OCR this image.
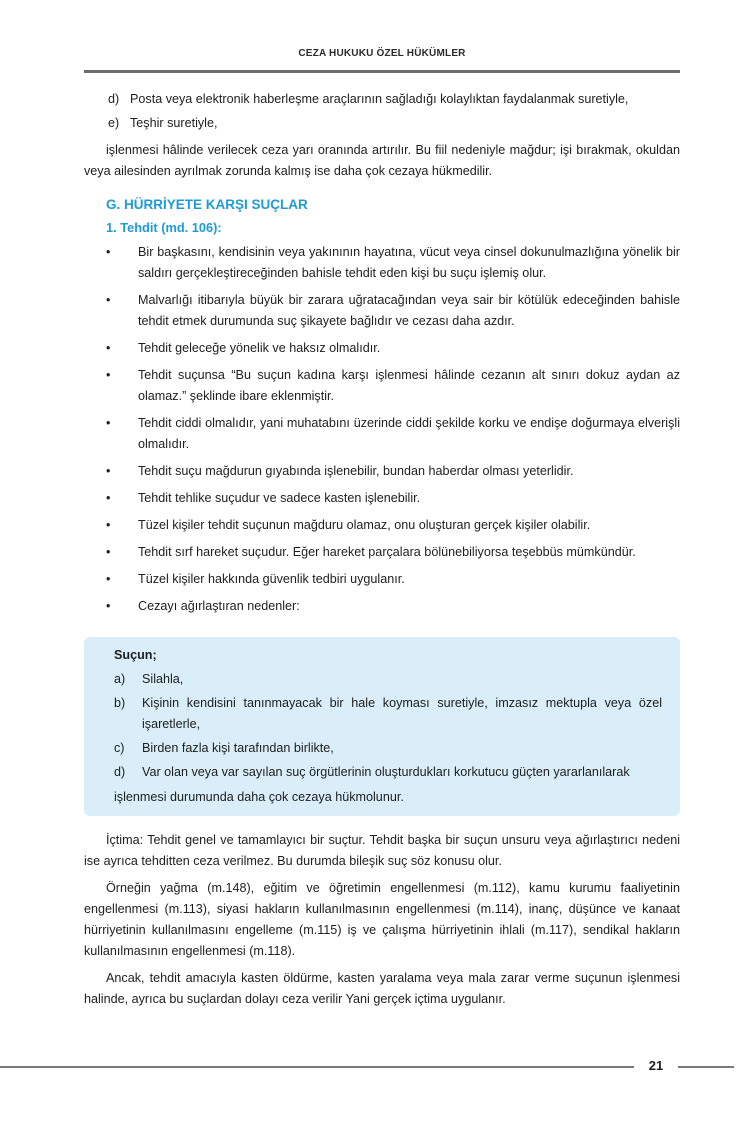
CEZA HUKUKU ÖZEL HÜKÜMLER
d) Posta veya elektronik haberleşme araçlarının sağladığı kolaylıktan faydalanmak suretiyle,
e) Teşhir suretiyle,

işlenmesi hâlinde verilecek ceza yarı oranında artırılır. Bu fiil nedeniyle mağdur; işi bırakmak, okuldan veya ailesinden ayrılmak zorunda kalmış ise daha çok cezaya hükmedilir.

G. HÜRRİYETE KARŞI SUÇLAR
1. Tehdit (md. 106):
•	Bir başkasını, kendisinin veya yakınının hayatına, vücut veya cinsel dokunulmazlığına yönelik bir saldırı gerçekleştireceğinden bahisle tehdit eden kişi bu suçu işlemiş olur.
•	Malvarlığı itibarıyla büyük bir zarara uğratacağından veya sair bir kötülük edeceğinden bahisle tehdit etmek durumunda suç şikayete bağlıdır ve cezası daha azdır.
•	Tehdit geleceğe yönelik ve haksız olmalıdır.
•	Tehdit suçunsa “Bu suçun kadına karşı işlenmesi hâlinde cezanın alt sınırı dokuz aydan az olamaz.” şeklinde ibare eklenmiştir.
•	Tehdit ciddi olmalıdır, yani muhatabını üzerinde ciddi şekilde korku ve endişe doğurmaya elverişli olmalıdır.
•	Tehdit suçu mağdurun gıyabında işlenebilir, bundan haberdar olması yeterlidir.
•	Tehdit tehlike suçudur ve sadece kasten işlenebilir.
•	Tüzel kişiler tehdit suçunun mağduru olamaz, onu oluşturan gerçek kişiler olabilir.
•	Tehdit sırf hareket suçudur. Eğer hareket parçalara bölünebiliyorsa teşebbüs mümkündür.
•	Tüzel kişiler hakkında güvenlik tedbiri uygulanır.
•	Cezayı ağırlaştıran nedenler:
Suçun;
a)	Silahla,
b)	Kişinin kendisini tanınmayacak bir hale koyması suretiyle, imzasız mektupla veya özel işaretlerle,
c)	Birden fazla kişi tarafından birlikte,
d)	Var olan veya var sayılan suç örgütlerinin oluşturdukları korkutucu güçten yararlanılarak

işlenmesi durumunda daha çok cezaya hükmolunur.

İçtima: Tehdit genel ve tamamlayıcı bir suçtur. Tehdit başka bir suçun unsuru veya ağırlaştırıcı nedeni ise ayrıca tehditten ceza verilmez. Bu durumda bileşik suç söz konusu olur.

Örneğin yağma (m.148), eğitim ve öğretimin engellenmesi (m.112), kamu kurumu faaliyetinin engellenmesi (m.113), siyasi hakların kullanılmasının engellenmesi (m.114), inanç, düşünce ve kanaat hürriyetinin kullanılmasını engelleme (m.115) iş ve çalışma hürriyetinin ihlali (m.117), sendikal hakların kullanılmasının engellenmesi (m.118).

Ancak, tehdit amacıyla kasten öldürme, kasten yaralama veya mala zarar verme suçunun işlenmesi halinde, ayrıca bu suçlardan dolayı ceza verilir Yani gerçek içtima uygulanır.

21
